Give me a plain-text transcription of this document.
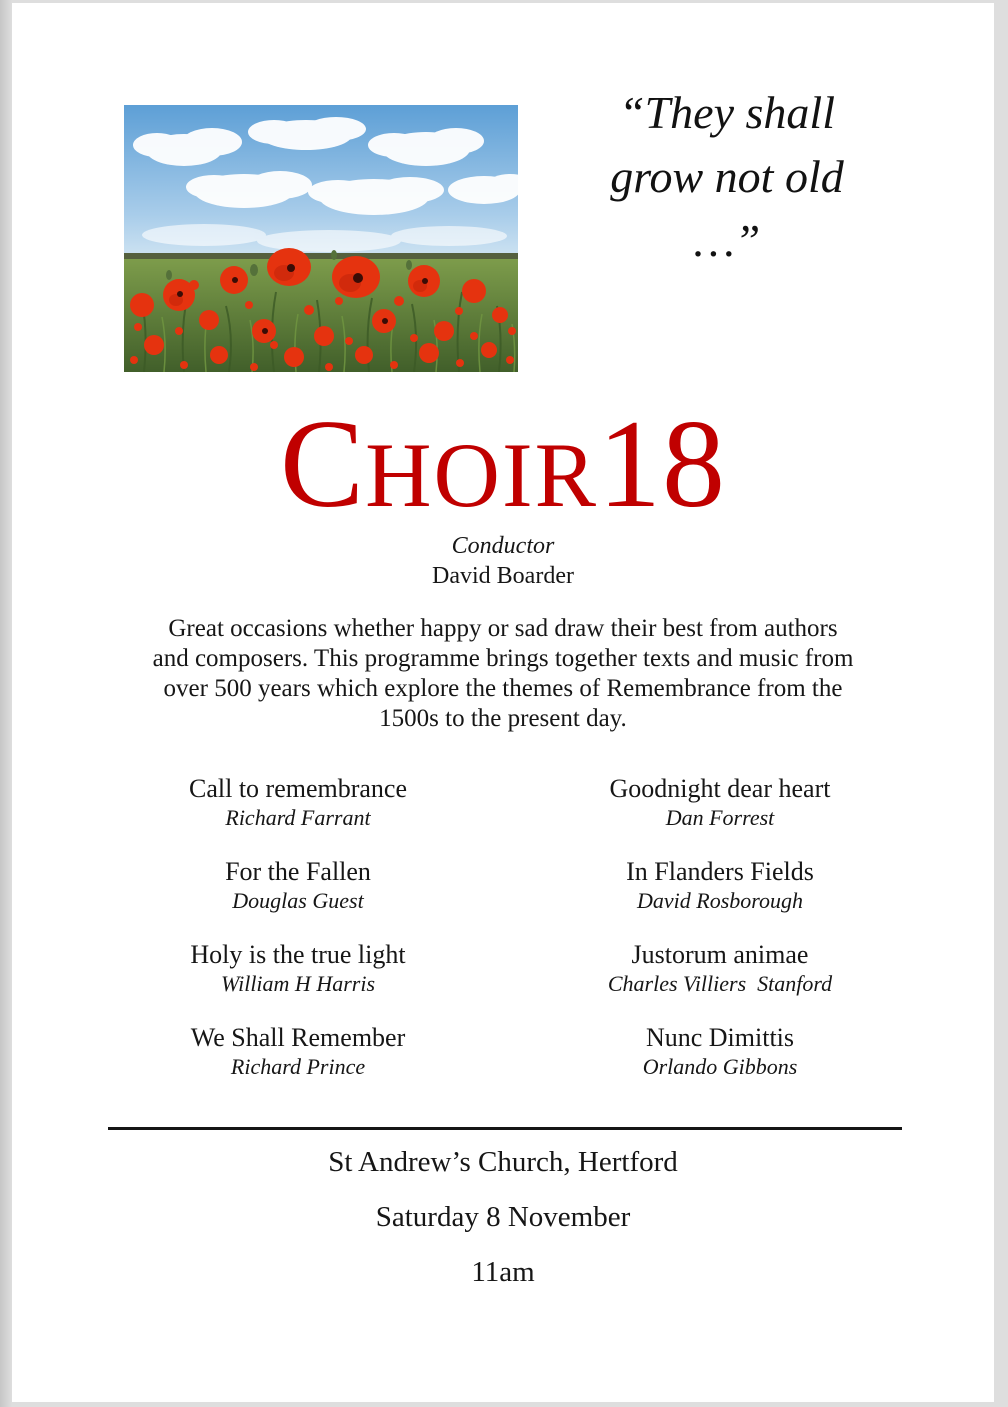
“They shall
grow not old
…”
CHOIR18
Conductor
David Boarder
Great occasions whether happy or sad draw their best from authors
and composers. This programme brings together texts and music from
over 500 years which explore the themes of Remembrance from the
1500s to the present day.
Call to remembrance
Richard Farrant
For the Fallen
Douglas Guest
Holy is the true light
William H Harris
We Shall Remember
Richard Prince
Goodnight dear heart
Dan Forrest
In Flanders Fields
David Rosborough
Justorum animae
Charles Villiers  Stanford
Nunc Dimittis
Orlando Gibbons
St Andrew’s Church, Hertford
Saturday 8 November
11am
